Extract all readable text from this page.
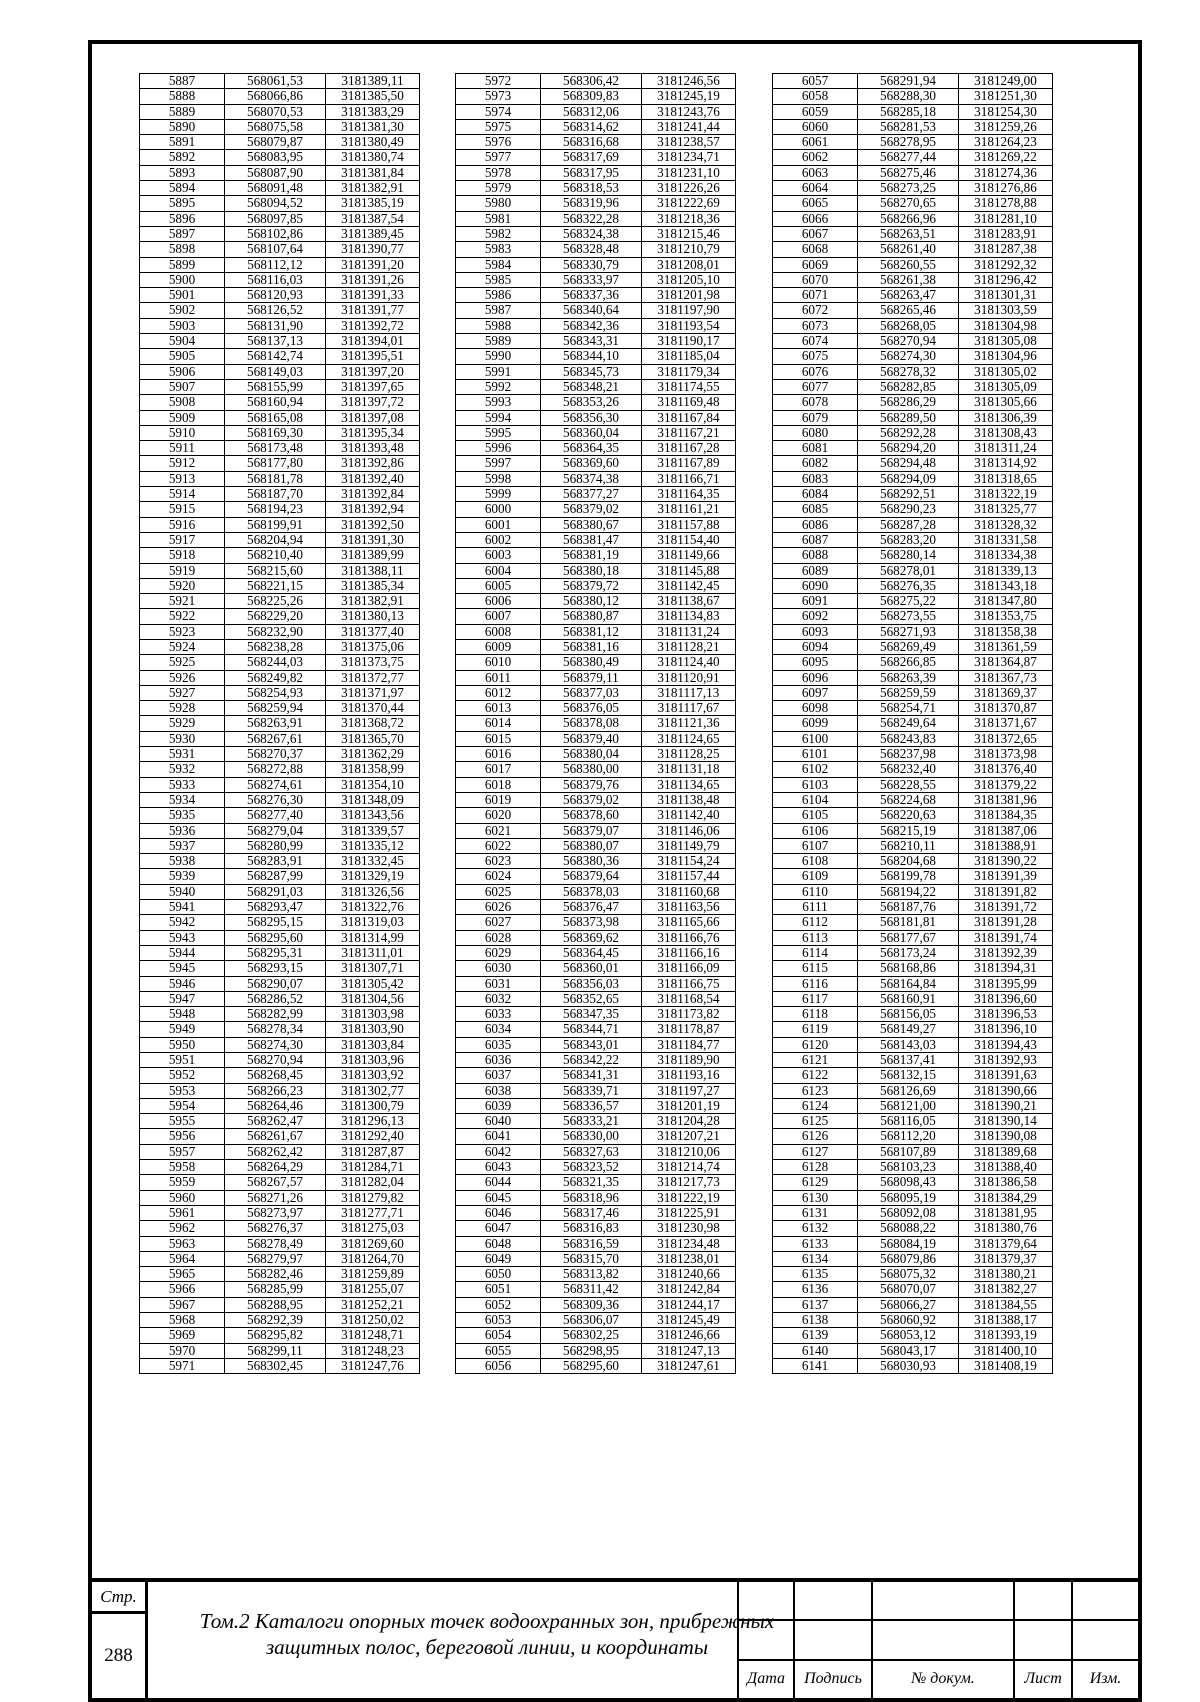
5887	568061,53	3181389,11
5888	568066,86	3181385,50
5889	568070,53	3181383,29
5890	568075,58	3181381,30
5891	568079,87	3181380,49
5892	568083,95	3181380,74
5893	568087,90	3181381,84
5894	568091,48	3181382,91
5895	568094,52	3181385,19
5896	568097,85	3181387,54
5897	568102,86	3181389,45
5898	568107,64	3181390,77
5899	568112,12	3181391,20
5900	568116,03	3181391,26
5901	568120,93	3181391,33
5902	568126,52	3181391,77
5903	568131,90	3181392,72
5904	568137,13	3181394,01
5905	568142,74	3181395,51
5906	568149,03	3181397,20
5907	568155,99	3181397,65
5908	568160,94	3181397,72
5909	568165,08	3181397,08
5910	568169,30	3181395,34
5911	568173,48	3181393,48
5912	568177,80	3181392,86
5913	568181,78	3181392,40
5914	568187,70	3181392,84
5915	568194,23	3181392,94
5916	568199,91	3181392,50
5917	568204,94	3181391,30
5918	568210,40	3181389,99
5919	568215,60	3181388,11
5920	568221,15	3181385,34
5921	568225,26	3181382,91
5922	568229,20	3181380,13
5923	568232,90	3181377,40
5924	568238,28	3181375,06
5925	568244,03	3181373,75
5926	568249,82	3181372,77
5927	568254,93	3181371,97
5928	568259,94	3181370,44
5929	568263,91	3181368,72
5930	568267,61	3181365,70
5931	568270,37	3181362,29
5932	568272,88	3181358,99
5933	568274,61	3181354,10
5934	568276,30	3181348,09
5935	568277,40	3181343,56
5936	568279,04	3181339,57
5937	568280,99	3181335,12
5938	568283,91	3181332,45
5939	568287,99	3181329,19
5940	568291,03	3181326,56
5941	568293,47	3181322,76
5942	568295,15	3181319,03
5943	568295,60	3181314,99
5944	568295,31	3181311,01
5945	568293,15	3181307,71
5946	568290,07	3181305,42
5947	568286,52	3181304,56
5948	568282,99	3181303,98
5949	568278,34	3181303,90
5950	568274,30	3181303,84
5951	568270,94	3181303,96
5952	568268,45	3181303,92
5953	568266,23	3181302,77
5954	568264,46	3181300,79
5955	568262,47	3181296,13
5956	568261,67	3181292,40
5957	568262,42	3181287,87
5958	568264,29	3181284,71
5959	568267,57	3181282,04
5960	568271,26	3181279,82
5961	568273,97	3181277,71
5962	568276,37	3181275,03
5963	568278,49	3181269,60
5964	568279,97	3181264,70
5965	568282,46	3181259,89
5966	568285,99	3181255,07
5967	568288,95	3181252,21
5968	568292,39	3181250,02
5969	568295,82	3181248,71
5970	568299,11	3181248,23
5971	568302,45	3181247,76
5972	568306,42	3181246,56
5973	568309,83	3181245,19
5974	568312,06	3181243,76
5975	568314,62	3181241,44
5976	568316,68	3181238,57
5977	568317,69	3181234,71
5978	568317,95	3181231,10
5979	568318,53	3181226,26
5980	568319,96	3181222,69
5981	568322,28	3181218,36
5982	568324,38	3181215,46
5983	568328,48	3181210,79
5984	568330,79	3181208,01
5985	568333,97	3181205,10
5986	568337,36	3181201,98
5987	568340,64	3181197,90
5988	568342,36	3181193,54
5989	568343,31	3181190,17
5990	568344,10	3181185,04
5991	568345,73	3181179,34
5992	568348,21	3181174,55
5993	568353,26	3181169,48
5994	568356,30	3181167,84
5995	568360,04	3181167,21
5996	568364,35	3181167,28
5997	568369,60	3181167,89
5998	568374,38	3181166,71
5999	568377,27	3181164,35
6000	568379,02	3181161,21
6001	568380,67	3181157,88
6002	568381,47	3181154,40
6003	568381,19	3181149,66
6004	568380,18	3181145,88
6005	568379,72	3181142,45
6006	568380,12	3181138,67
6007	568380,87	3181134,83
6008	568381,12	3181131,24
6009	568381,16	3181128,21
6010	568380,49	3181124,40
6011	568379,11	3181120,91
6012	568377,03	3181117,13
6013	568376,05	3181117,67
6014	568378,08	3181121,36
6015	568379,40	3181124,65
6016	568380,04	3181128,25
6017	568380,00	3181131,18
6018	568379,76	3181134,65
6019	568379,02	3181138,48
6020	568378,60	3181142,40
6021	568379,07	3181146,06
6022	568380,07	3181149,79
6023	568380,36	3181154,24
6024	568379,64	3181157,44
6025	568378,03	3181160,68
6026	568376,47	3181163,56
6027	568373,98	3181165,66
6028	568369,62	3181166,76
6029	568364,45	3181166,16
6030	568360,01	3181166,09
6031	568356,03	3181166,75
6032	568352,65	3181168,54
6033	568347,35	3181173,82
6034	568344,71	3181178,87
6035	568343,01	3181184,77
6036	568342,22	3181189,90
6037	568341,31	3181193,16
6038	568339,71	3181197,27
6039	568336,57	3181201,19
6040	568333,21	3181204,28
6041	568330,00	3181207,21
6042	568327,63	3181210,06
6043	568323,52	3181214,74
6044	568321,35	3181217,73
6045	568318,96	3181222,19
6046	568317,46	3181225,91
6047	568316,83	3181230,98
6048	568316,59	3181234,48
6049	568315,70	3181238,01
6050	568313,82	3181240,66
6051	568311,42	3181242,84
6052	568309,36	3181244,17
6053	568306,07	3181245,49
6054	568302,25	3181246,66
6055	568298,95	3181247,13
6056	568295,60	3181247,61
6057	568291,94	3181249,00
6058	568288,30	3181251,30
6059	568285,18	3181254,30
6060	568281,53	3181259,26
6061	568278,95	3181264,23
6062	568277,44	3181269,22
6063	568275,46	3181274,36
6064	568273,25	3181276,86
6065	568270,65	3181278,88
6066	568266,96	3181281,10
6067	568263,51	3181283,91
6068	568261,40	3181287,38
6069	568260,55	3181292,32
6070	568261,38	3181296,42
6071	568263,47	3181301,31
6072	568265,46	3181303,59
6073	568268,05	3181304,98
6074	568270,94	3181305,08
6075	568274,30	3181304,96
6076	568278,32	3181305,02
6077	568282,85	3181305,09
6078	568286,29	3181305,66
6079	568289,50	3181306,39
6080	568292,28	3181308,43
6081	568294,20	3181311,24
6082	568294,48	3181314,92
6083	568294,09	3181318,65
6084	568292,51	3181322,19
6085	568290,23	3181325,77
6086	568287,28	3181328,32
6087	568283,20	3181331,58
6088	568280,14	3181334,38
6089	568278,01	3181339,13
6090	568276,35	3181343,18
6091	568275,22	3181347,80
6092	568273,55	3181353,75
6093	568271,93	3181358,38
6094	568269,49	3181361,59
6095	568266,85	3181364,87
6096	568263,39	3181367,73
6097	568259,59	3181369,37
6098	568254,71	3181370,87
6099	568249,64	3181371,67
6100	568243,83	3181372,65
6101	568237,98	3181373,98
6102	568232,40	3181376,40
6103	568228,55	3181379,22
6104	568224,68	3181381,96
6105	568220,63	3181384,35
6106	568215,19	3181387,06
6107	568210,11	3181388,91
6108	568204,68	3181390,22
6109	568199,78	3181391,39
6110	568194,22	3181391,82
6111	568187,76	3181391,72
6112	568181,81	3181391,28
6113	568177,67	3181391,74
6114	568173,24	3181392,39
6115	568168,86	3181394,31
6116	568164,84	3181395,99
6117	568160,91	3181396,60
6118	568156,05	3181396,53
6119	568149,27	3181396,10
6120	568143,03	3181394,43
6121	568137,41	3181392,93
6122	568132,15	3181391,63
6123	568126,69	3181390,66
6124	568121,00	3181390,21
6125	568116,05	3181390,14
6126	568112,20	3181390,08
6127	568107,89	3181389,68
6128	568103,23	3181388,40
6129	568098,43	3181386,58
6130	568095,19	3181384,29
6131	568092,08	3181381,95
6132	568088,22	3181380,76
6133	568084,19	3181379,64
6134	568079,86	3181379,37
6135	568075,32	3181380,21
6136	568070,07	3181382,27
6137	568066,27	3181384,55
6138	568060,92	3181388,17
6139	568053,12	3181393,19
6140	568043,17	3181400,10
6141	568030,93	3181408,19
Стр.
288
Том.2 Каталоги опорных точек водоохранных зон, прибрежных
защитных полос, береговой линии, и координаты

Дата	Подпись	№ докум.	Лист	Изм.
